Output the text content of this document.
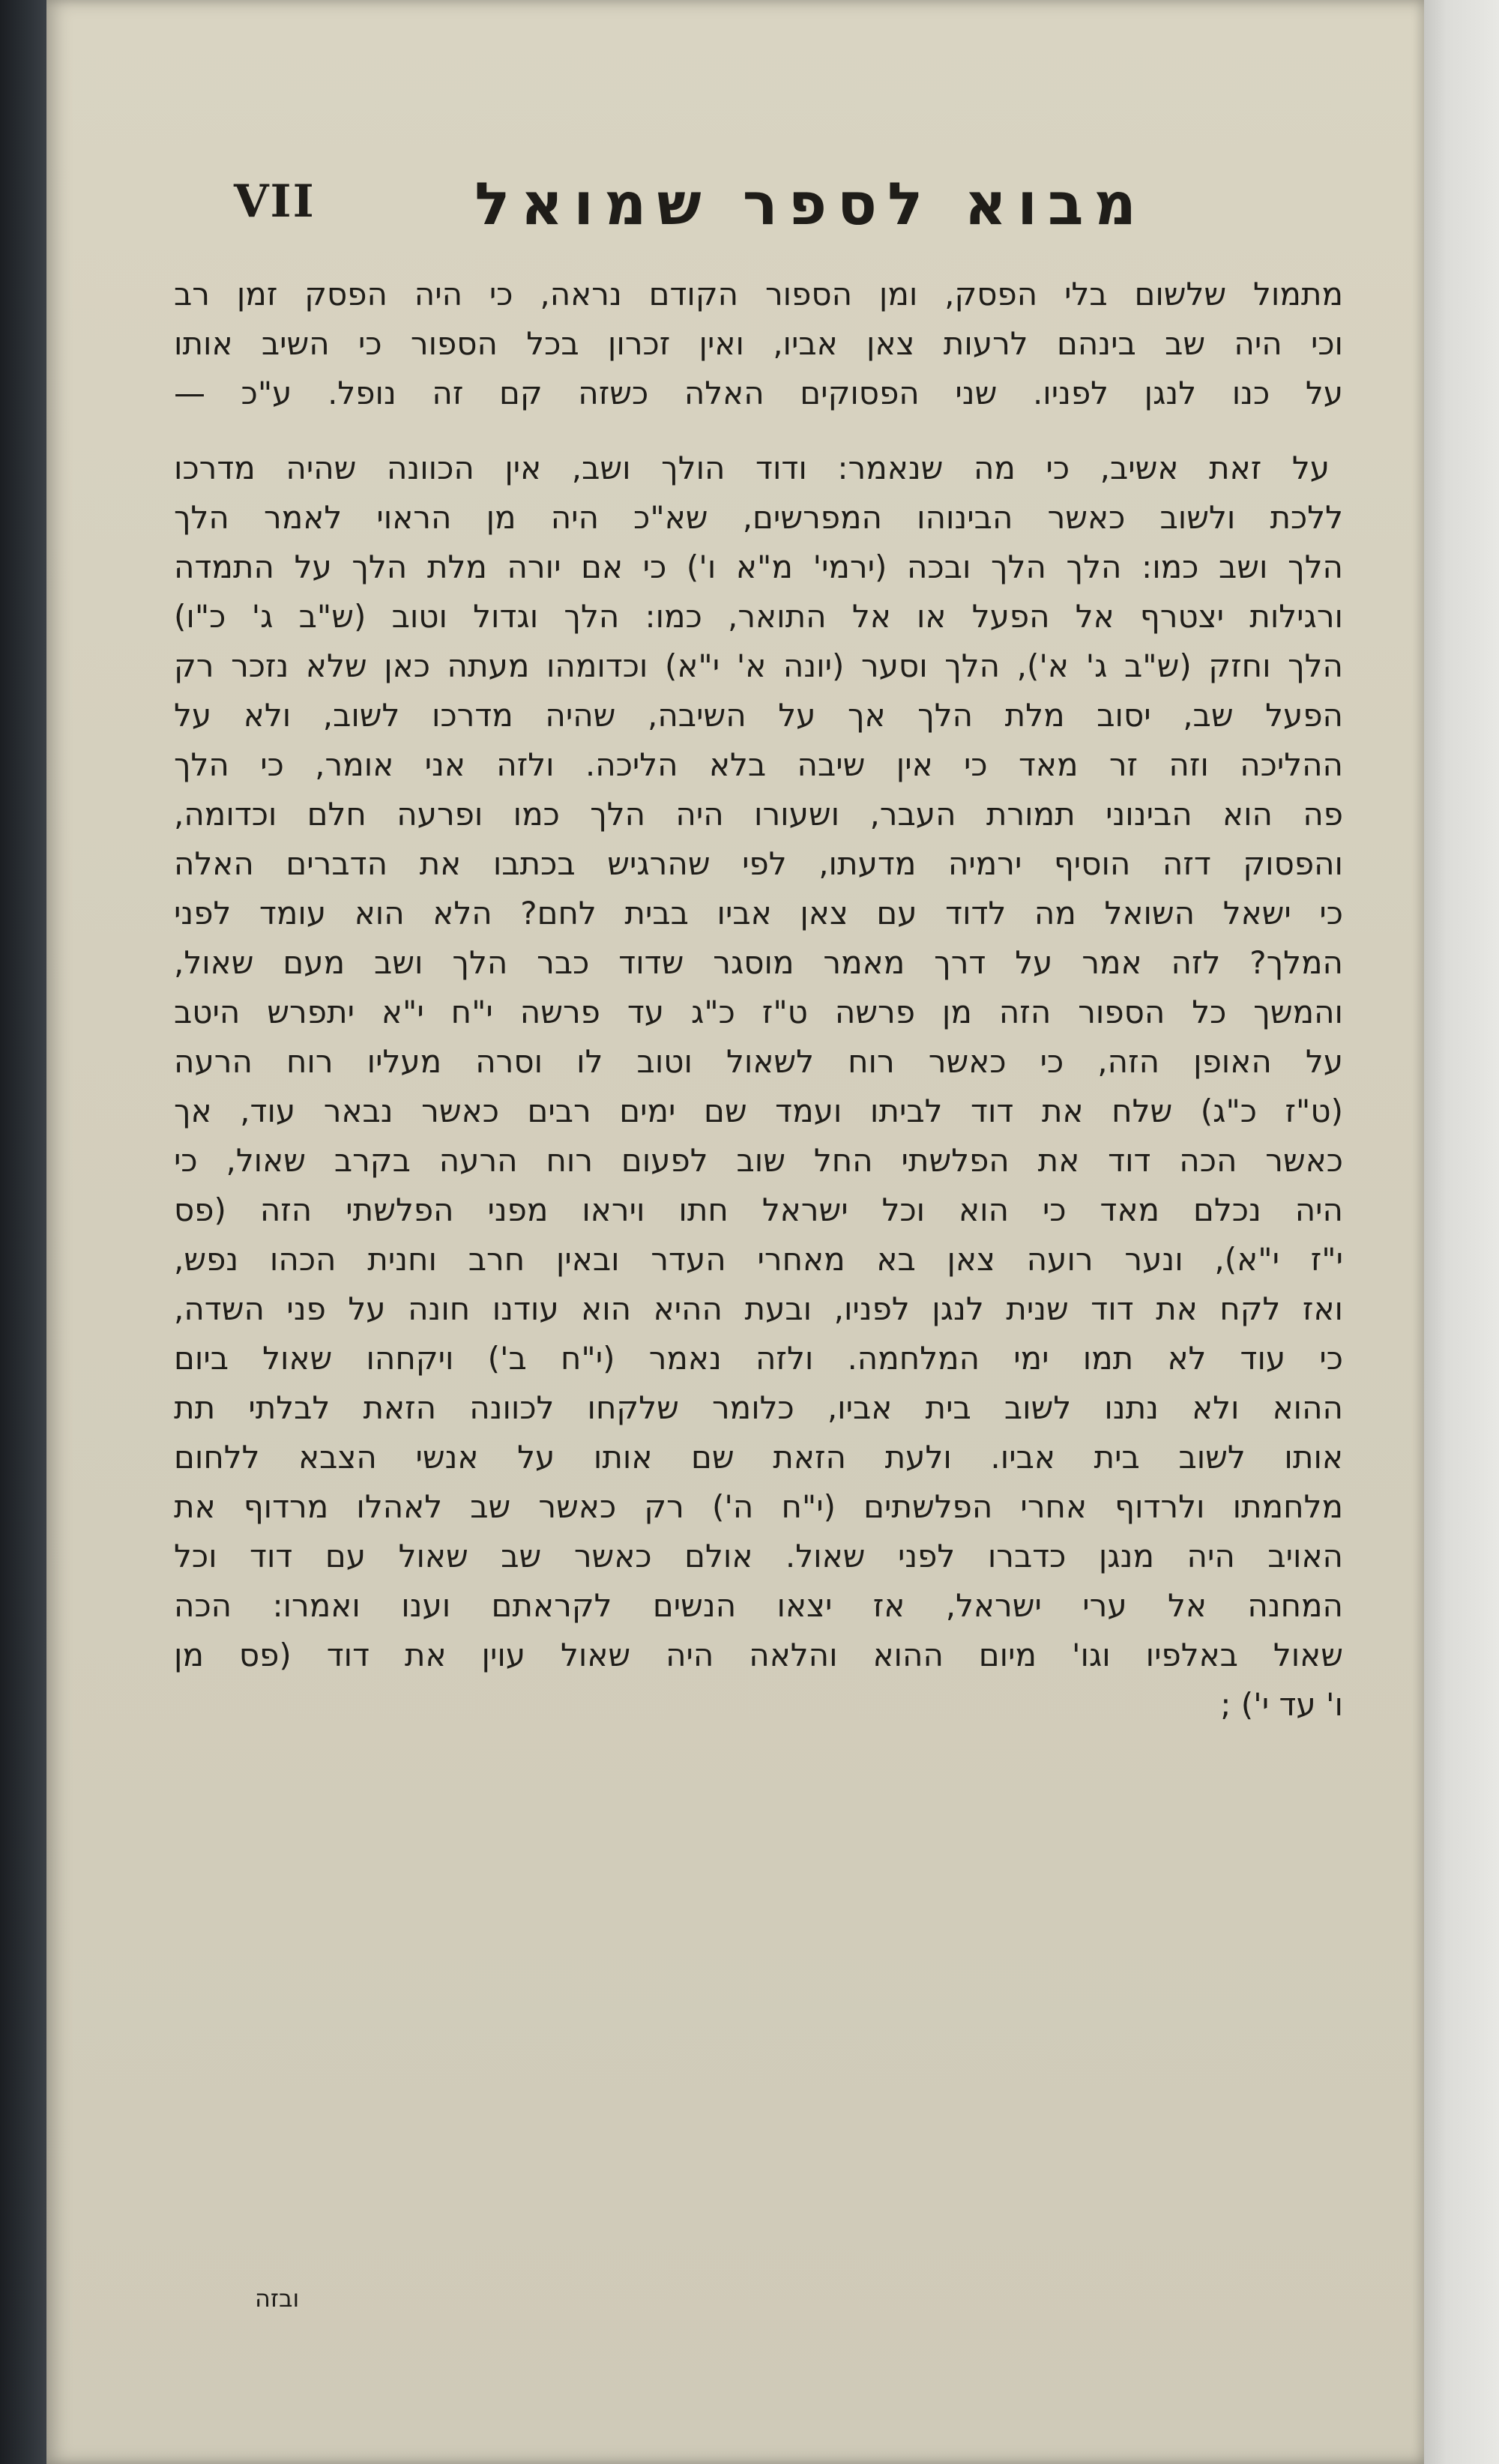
VII	מבוא לספר שמואל

מתמול שלשום בלי הפסק, ומן הספור הקודם נראה, כי היה הפסק זמן רב

וכי היה שב בינהם לרעות צאן אביו, ואין זכרון בכל הספור כי השיב אותו

על כנו לנגן לפניו. שני הפסוקים האלה כשזה קם זה נופל. ע"כ —

על זאת אשיב, כי מה שנאמר: ודוד הולך ושב, אין הכוונה שהיה מדרכו

ללכת ולשוב כאשר הבינוהו המפרשים, שא"כ היה מן הראוי לאמר הלך

הלך ושב כמו: הלך הלך ובכה (ירמי' מ"א ו') כי אם יורה מלת הלך על התמדה

ורגילות יצטרף אל הפעל או אל התואר, כמו: הלך וגדול וטוב (ש"ב ג' כ"ו)

הלך וחזק (ש"ב ג' א'), הלך וסער (יונה א' י"א) וכדומהו מעתה כאן שלא נזכר רק

הפעל שב, יסוב מלת הלך אך על השיבה, שהיה מדרכו לשוב, ולא על

ההליכה וזה זר מאד כי אין שיבה בלא הליכה. ולזה אני אומר, כי הלך

פה הוא הבינוני תמורת העבר, ושעורו היה הלך כמו ופרעה חלם וכדומה,

והפסוק דזה הוסיף ירמיה מדעתו, לפי שהרגיש בכתבו את הדברים האלה

כי ישאל השואל מה לדוד עם צאן אביו בבית לחם? הלא הוא עומד לפני

המלך? לזה אמר על דרך מאמר מוסגר שדוד כבר הלך ושב מעם שאול,

והמשך כל הספור הזה מן פרשה ט"ז כ"ג עד פרשה י"ח י"א יתפרש היטב

על האופן הזה, כי כאשר רוח לשאול וטוב לו וסרה מעליו רוח הרעה

(ט"ז כ"ג) שלח את דוד לביתו ועמד שם ימים רבים כאשר נבאר עוד, אך

כאשר הכה דוד את הפלשתי החל שוב לפעום רוח הרעה בקרב שאול, כי

היה נכלם מאד כי הוא וכל ישראל חתו ויראו מפני הפלשתי הזה (פס

י"ז י"א), ונער רועה צאן בא מאחרי העדר ובאין חרב וחנית הכהו נפש,

ואז לקח את דוד שנית לנגן לפניו, ובעת ההיא הוא עודנו חונה על פני השדה,

כי עוד לא תמו ימי המלחמה. ולזה נאמר (י"ח ב') ויקחהו שאול ביום

ההוא ולא נתנו לשוב בית אביו, כלומר שלקחו לכוונה הזאת לבלתי תת

אותו לשוב בית אביו. ולעת הזאת שם אותו על אנשי הצבא ללחום

מלחמתו ולרדוף אחרי הפלשתים (י"ח ה') רק כאשר שב לאהלו מרדוף את

האויב היה מנגן כדברו לפני שאול. אולם כאשר שב שאול עם דוד וכל

המחנה אל ערי ישראל, אז יצאו הנשים לקראתם וענו ואמרו: הכה

שאול באלפיו וגו' מיום ההוא והלאה היה שאול עוין את דוד (פס מן

ו' עד י') ;

ובזה
